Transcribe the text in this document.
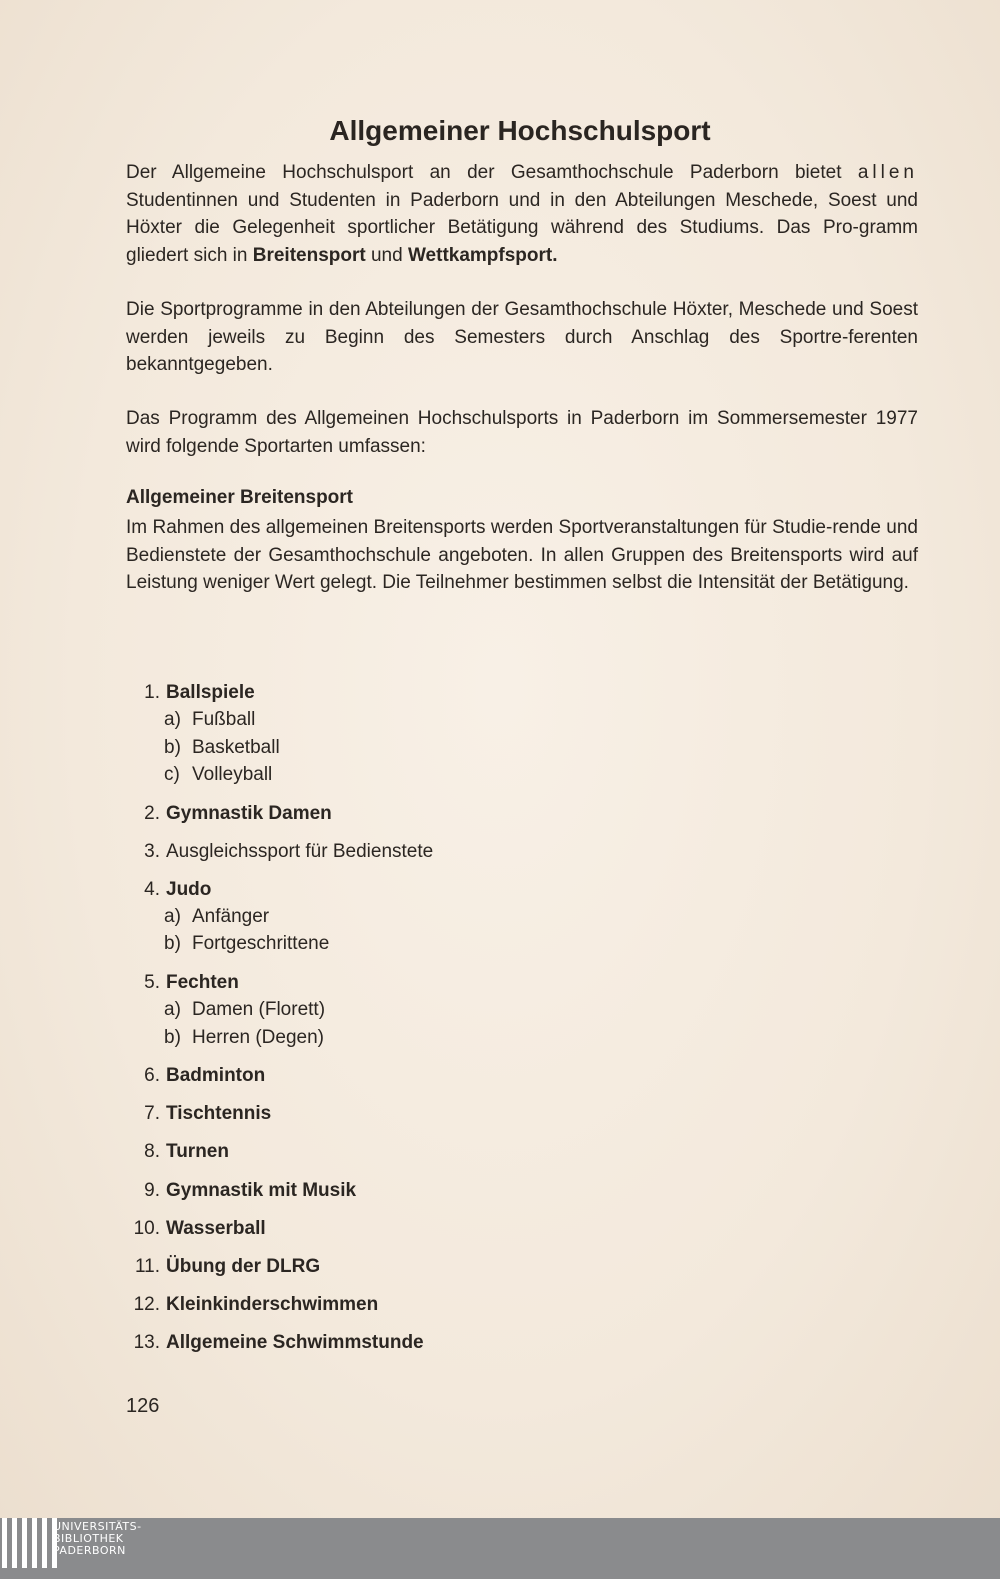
Allgemeiner Hochschulsport

Der Allgemeine Hochschulsport an der Gesamthochschule Paderborn bietet allen Studentinnen und Studenten in Paderborn und in den Abteilungen Meschede, Soest und Höxter die Gelegenheit sportlicher Betätigung während des Studiums. Das Pro-gramm gliedert sich in Breitensport und Wettkampfsport.

Die Sportprogramme in den Abteilungen der Gesamthochschule Höxter, Meschede und Soest werden jeweils zu Beginn des Semesters durch Anschlag des Sportre-ferenten bekanntgegeben.

Das Programm des Allgemeinen Hochschulsports in Paderborn im Sommersemester 1977 wird folgende Sportarten umfassen:

Allgemeiner Breitensport

Im Rahmen des allgemeinen Breitensports werden Sportveranstaltungen für Studie-rende und Bedienstete der Gesamthochschule angeboten. In allen Gruppen des Breitensports wird auf Leistung weniger Wert gelegt. Die Teilnehmer bestimmen selbst die Intensität der Betätigung.

1. Ballspiele
a) Fußball
b) Basketball
c) Volleyball
2. Gymnastik Damen
3. Ausgleichssport für Bedienstete
4. Judo
a) Anfänger
b) Fortgeschrittene
5. Fechten
a) Damen (Florett)
b) Herren (Degen)
6. Badminton
7. Tischtennis
8. Turnen
9. Gymnastik mit Musik
10. Wasserball
11. Übung der DLRG
12. Kleinkinderschwimmen
13. Allgemeine Schwimmstunde
126
UNIVERSITÄTS-
BIBLIOTHEK
PADERBORN
